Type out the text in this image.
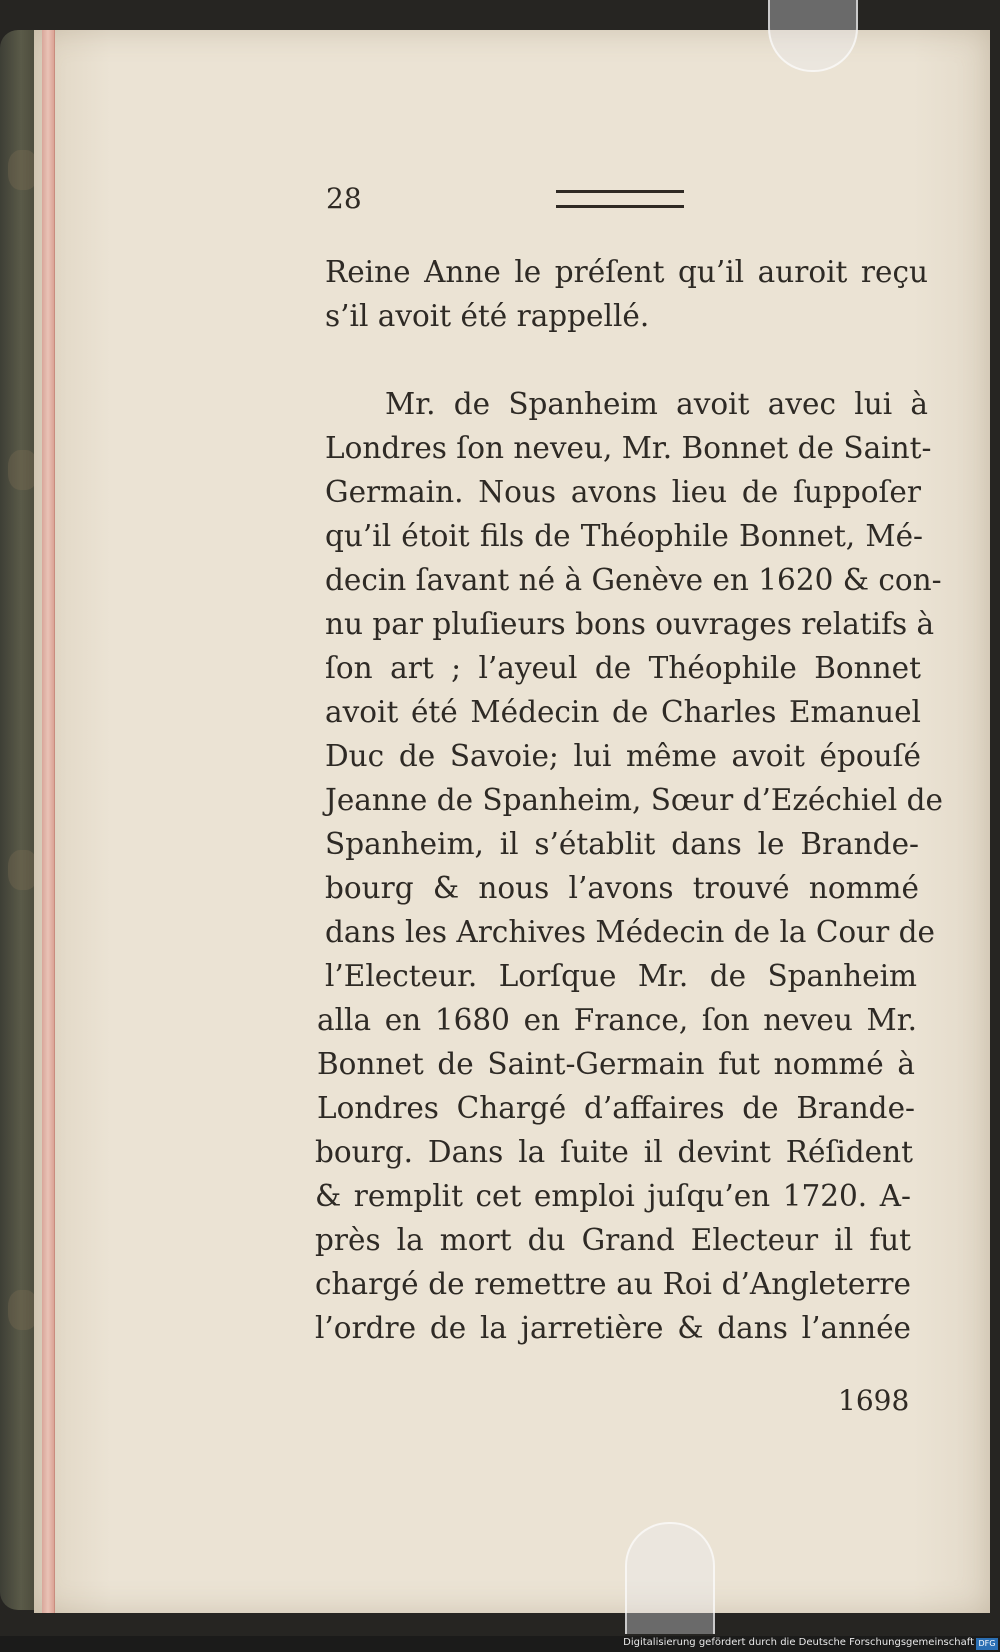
28
Reine Anne le préſent qu’il auroit reçu
s’il avoit été rappellé.
Mr. de Spanheim avoit avec lui à
Londres ſon neveu, Mr. Bonnet de Saint-
Germain. Nous avons lieu de ſuppoſer
qu’il étoit fils de Théophile Bonnet, Mé-
decin ſavant né à Genève en 1620 & con-
nu par pluſieurs bons ouvrages relatifs à
ſon art ; l’ayeul de Théophile Bonnet
avoit été Médecin de Charles Emanuel
Duc de Savoie; lui même avoit épouſé
Jeanne de Spanheim, Sœur d’Ezéchiel de
Spanheim, il s’établit dans le Brande-
bourg & nous l’avons trouvé nommé
dans les Archives Médecin de la Cour de
l’Electeur. Lorſque Mr. de Spanheim
alla en 1680 en France, ſon neveu Mr.
Bonnet de Saint-Germain fut nommé à
Londres Chargé d’affaires de Brande-
bourg. Dans la ſuite il devint Réſident
& remplit cet emploi juſqu’en 1720. A-
près la mort du Grand Electeur il fut
chargé de remettre au Roi d’Angleterre
l’ordre de la jarretière & dans l’année
1698
Digitalisierung gefördert durch die Deutsche Forschungsgemeinschaft DFG
